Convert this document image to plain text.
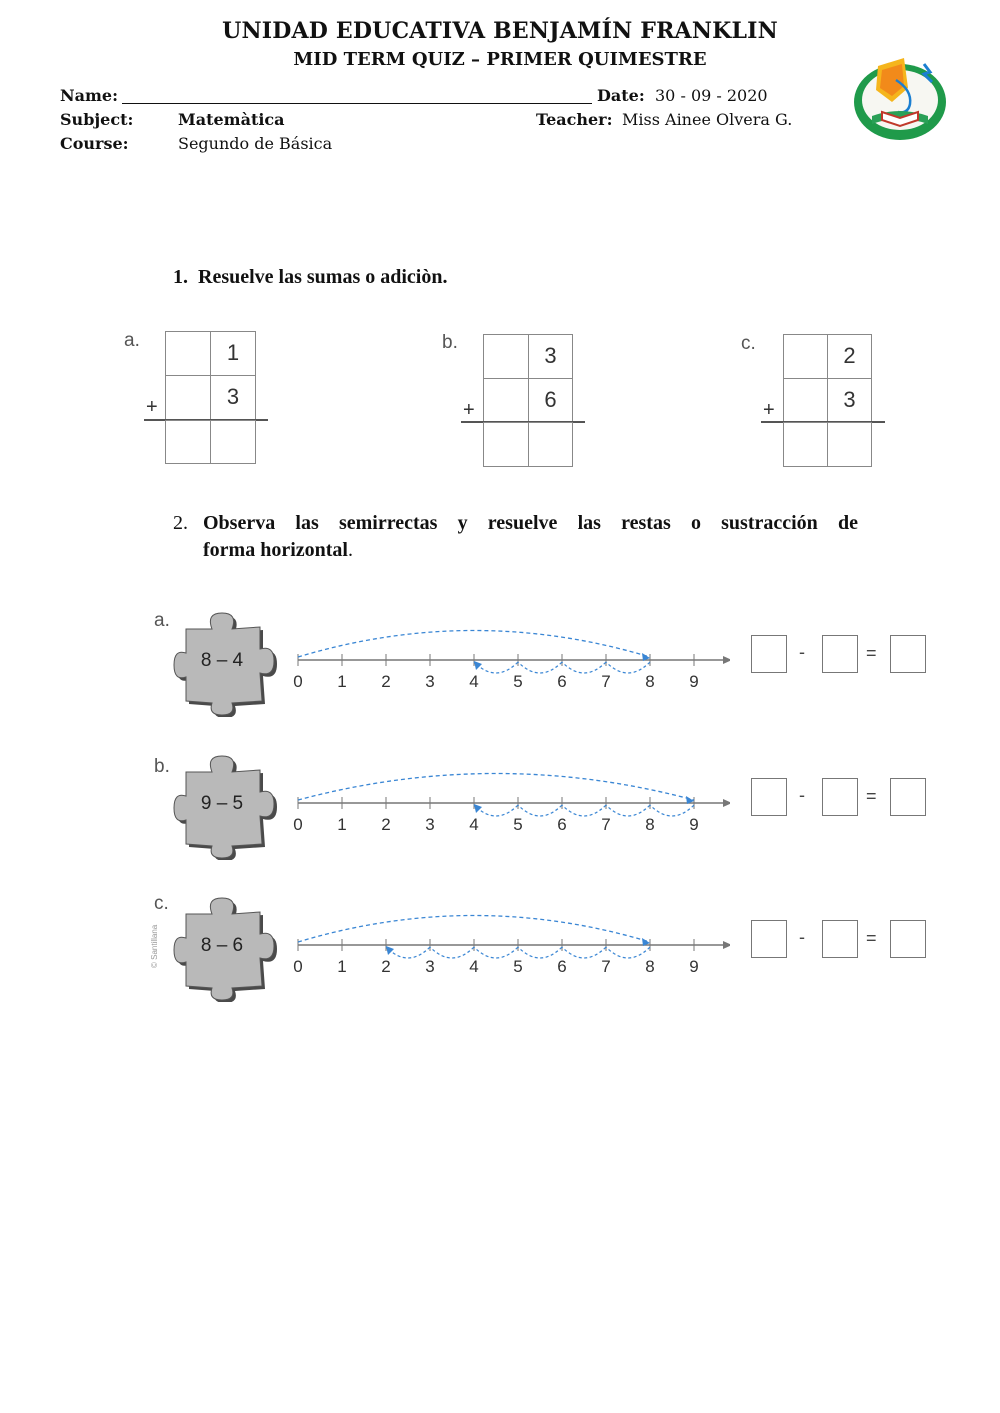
UNIDAD EDUCATIVA BENJAMÍN FRANKLIN
MID TERM QUIZ – PRIMER QUIMESTRE
Name:	Date: 30 - 09 - 2020
Subject:	Matemàtica	Teacher: Miss Ainee Olvera G.
Course:	Segundo de Básica
1. Resuelve las sumas o adiciòn.
a.	1
3
+
b.
3
6
+
c.	2
3
+
2. Observa las semirrectas y resuelve las restas o sustracción de
forma horizontal.
a.
8 – 4
0 1 2 3 4 5 6 7 8 9
-	=
b.
9 – 5
0 1 2 3 4 5 6 7 8 9
-	=
c.
8 – 6
0 1 2 3 4 5 6 7 8 9
-	=
© Santillana
